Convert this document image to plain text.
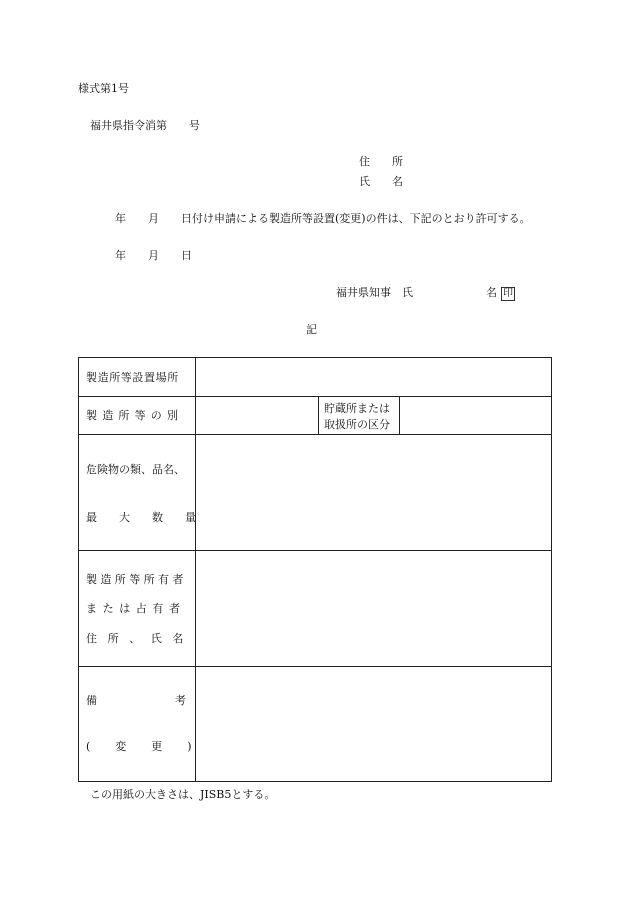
様式第1号
福井県指令消第　　号
住　　所
氏　　名
年　　月　　日付け申請による製造所等設置(変更)の件は、下記のとおり許可する。
年　　月　　日
福井県知事　氏	名 印
記
製造所等設置場所
製造所等の別
貯蔵所または
取扱所の区分
危険物の類、品名、
最大数量
製造所等所有者
または占有者
住所、氏名
備考
(変更)
この用紙の大きさは、JISB5とする。
